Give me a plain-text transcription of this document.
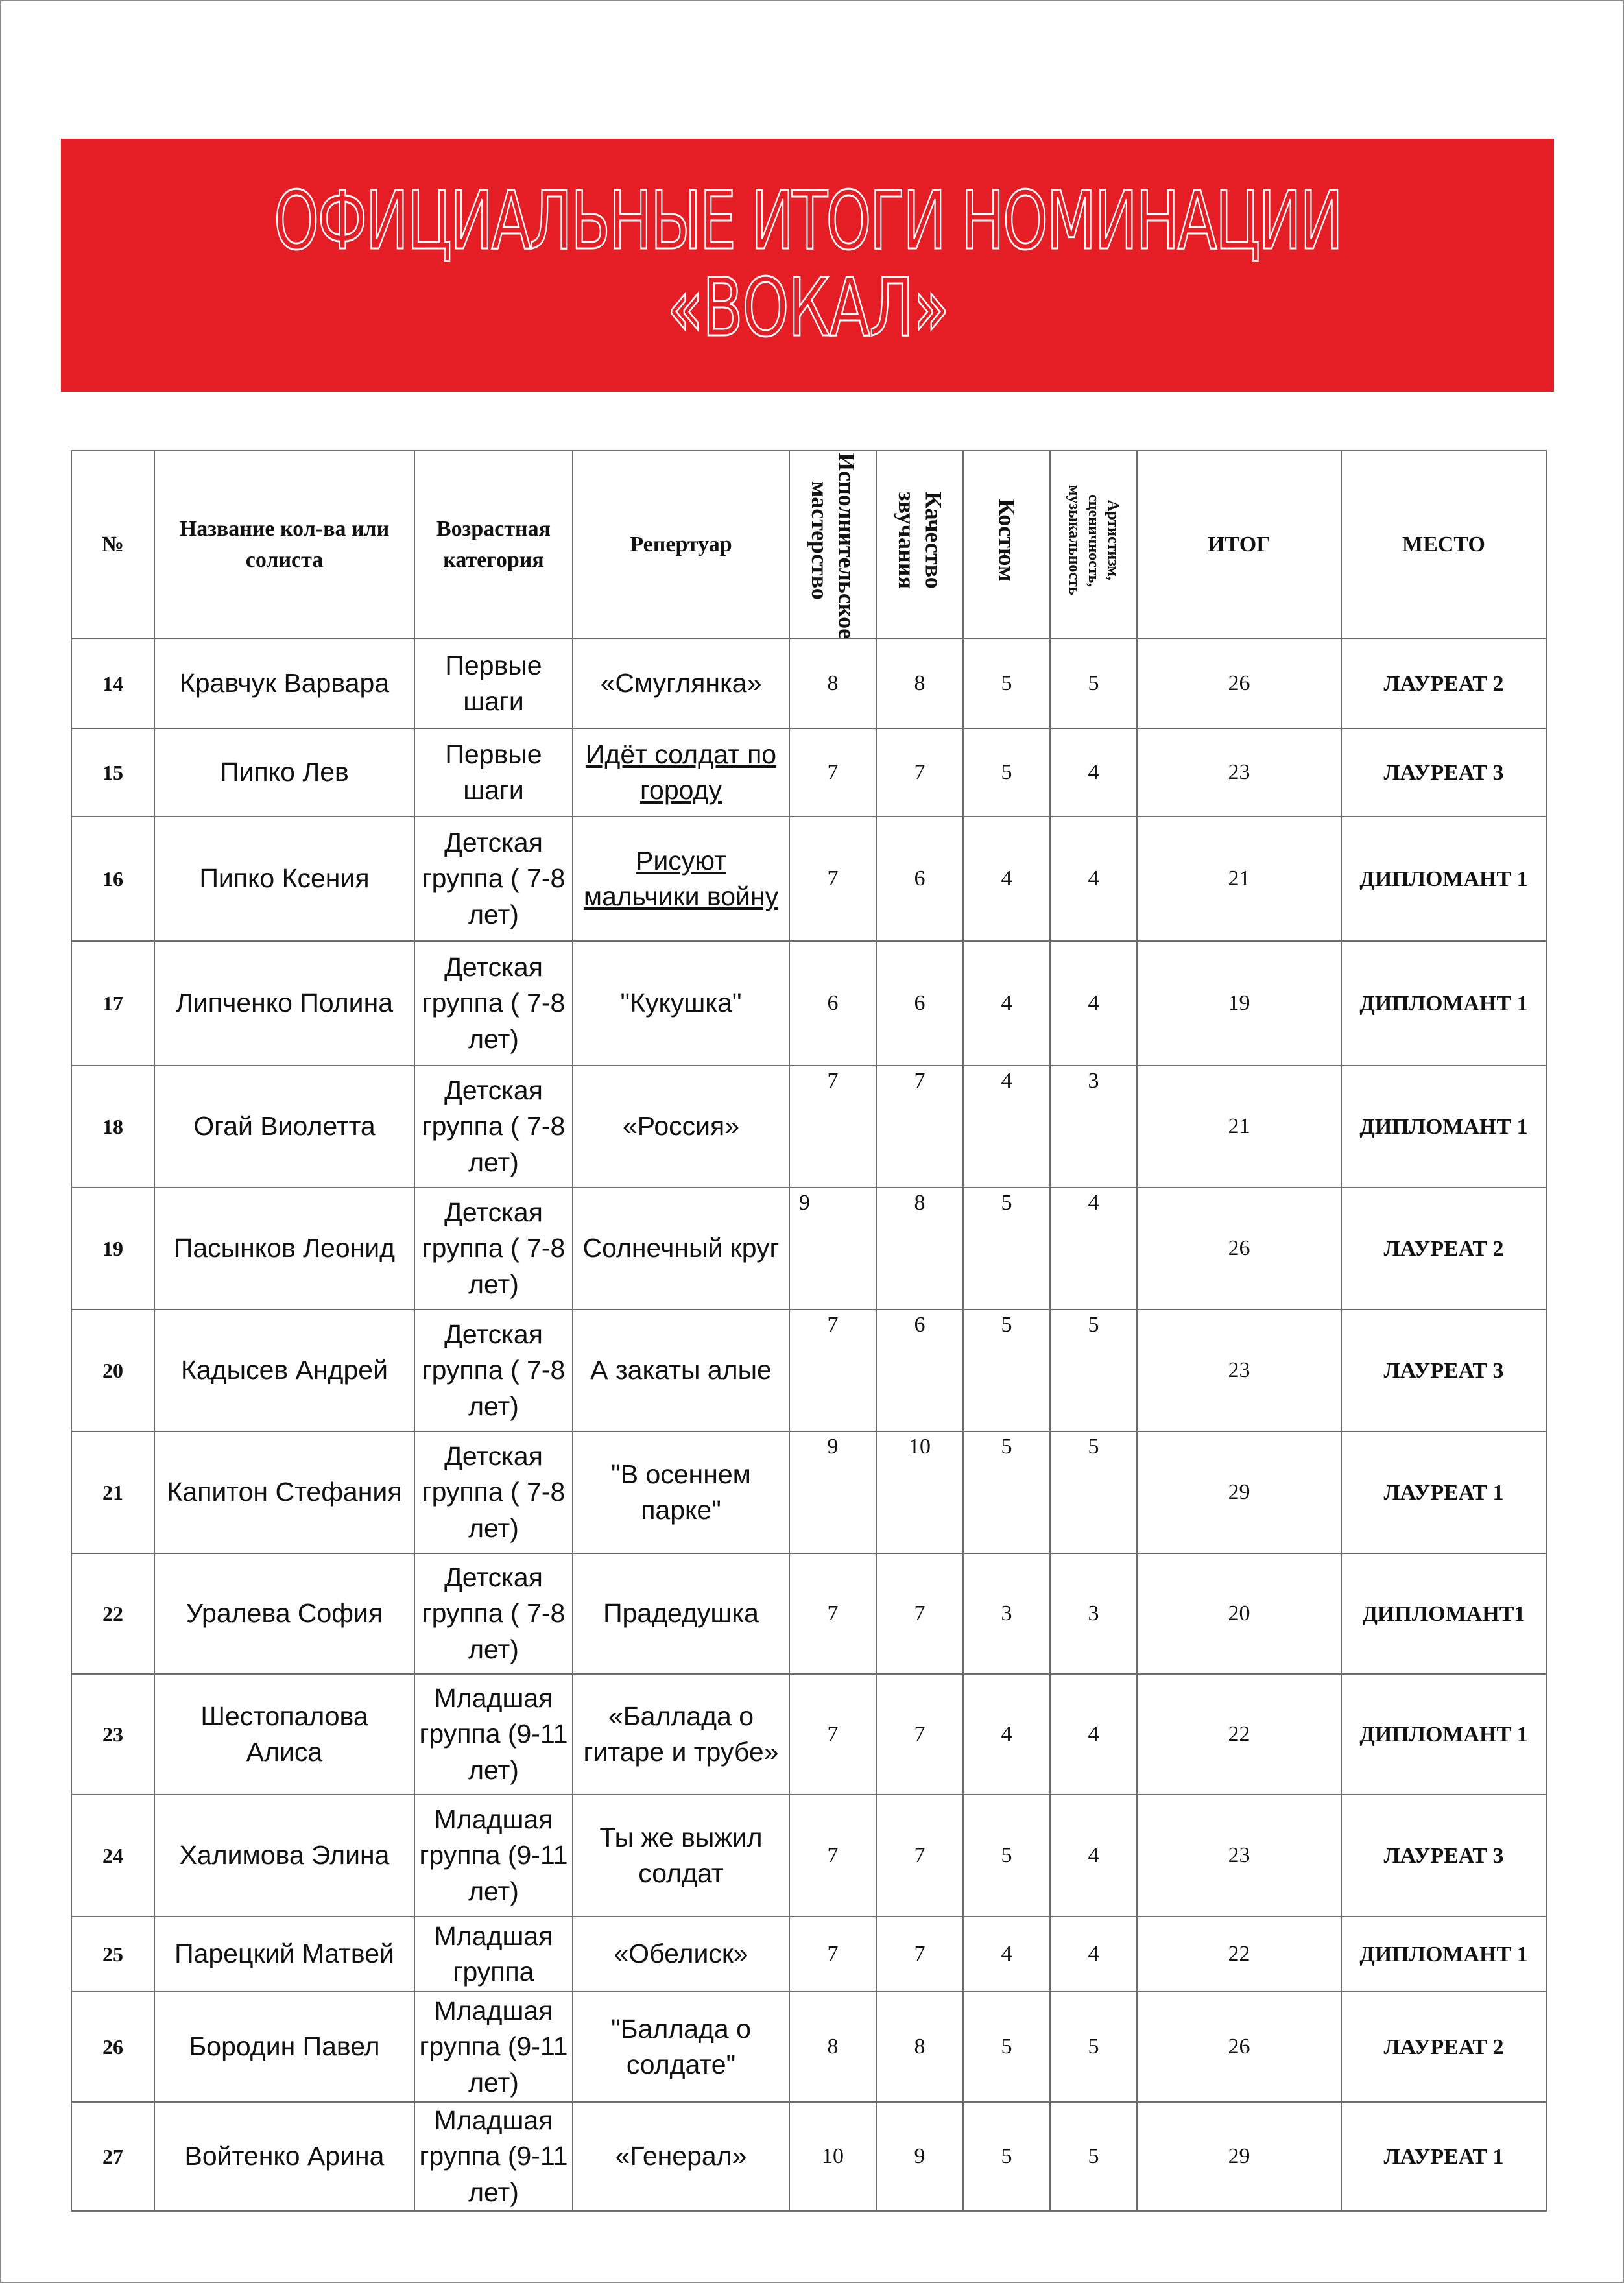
ОФИЦИАЛЬНЫЕ ИТОГИ НОМИНАЦИИ
«ВОКАЛ»
№	Название кол-ва или солиста	Возрастная категория	Репертуар	Исполнительское мастерство	Качество звучания	Костюм	Артистизм, сценичность, музыкальность	ИТОГ	МЕСТО
14	Кравчук Варвара	Первые шаги	«Смуглянка»	8	8	5	5	26	ЛАУРЕАТ 2
15	Пипко Лев	Первые шаги	Идёт солдат по городу	7	7	5	4	23	ЛАУРЕАТ 3
16	Пипко Ксения	Детская группа ( 7-8 лет)	Рисуют мальчики войну	7	6	4	4	21	ДИПЛОМАНТ 1
17	Липченко Полина	Детская группа ( 7-8 лет)	"Кукушка"	6	6	4	4	19	ДИПЛОМАНТ 1
18	Огай Виолетта	Детская группа ( 7-8 лет)	«Россия»	7	7	4	3	21	ДИПЛОМАНТ 1
19	Пасынков Леонид	Детская группа ( 7-8 лет)	Солнечный круг	9	8	5	4	26	ЛАУРЕАТ 2
20	Кадысев Андрей	Детская группа ( 7-8 лет)	А закаты алые	7	6	5	5	23	ЛАУРЕАТ 3
21	Капитон Стефания	Детская группа ( 7-8 лет)	"В осеннем парке"	9	10	5	5	29	ЛАУРЕАТ 1
22	Уралева София	Детская группа ( 7-8 лет)	Прадедушка	7	7	3	3	20	ДИПЛОМАНТ1
23	Шестопалова Алиса	Младшая группа (9-11 лет)	«Баллада о гитаре и трубе»	7	7	4	4	22	ДИПЛОМАНТ 1
24	Халимова Элина	Младшая группа (9-11 лет)	Ты же выжил солдат	7	7	5	4	23	ЛАУРЕАТ 3
25	Парецкий Матвей	Младшая группа	«Обелиск»	7	7	4	4	22	ДИПЛОМАНТ 1
26	Бородин Павел	Младшая группа (9-11 лет)	"Баллада о солдате"	8	8	5	5	26	ЛАУРЕАТ 2
27	Войтенко Арина	Младшая группа (9-11 лет)	«Генерал»	10	9	5	5	29	ЛАУРЕАТ 1
